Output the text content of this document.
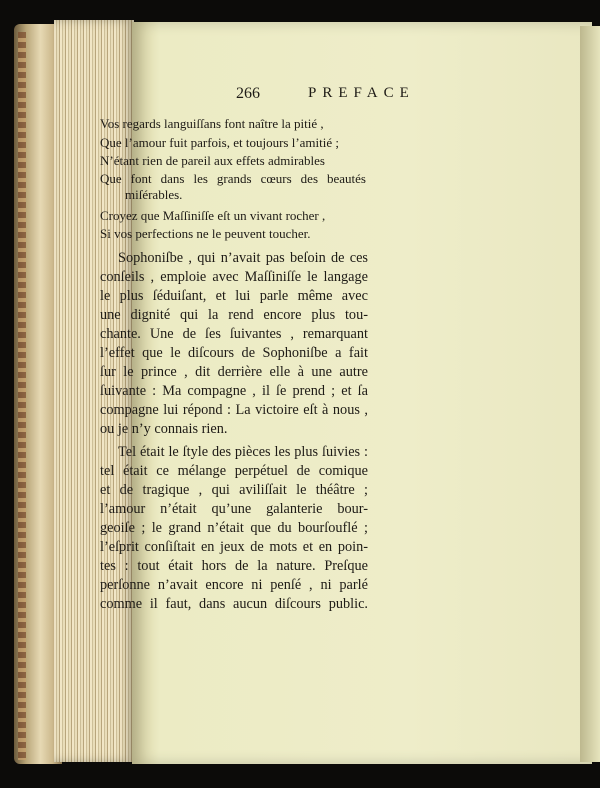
266	PREFACE
Vos regards languiſſans font naître la pitié ,
Que l’amour fuit parfois, et toujours l’amitié ;
N’étant rien de pareil aux effets admirables
Que font dans les grands cœurs des beautés
miſérables.
Croyez que Maſſiniſſe eſt un vivant rocher ,
Si vos perfections ne le peuvent toucher.
Sophoniſbe , qui n’avait pas beſoin de ces
conſeils , emploie avec Maſſiniſſe le langage
le plus ſéduiſant, et lui parle même avec
une dignité qui la rend encore plus tou-
chante. Une de ſes ſuivantes , remarquant
l’effet que le diſcours de Sophoniſbe a fait
ſur le prince , dit derrière elle à une autre
ſuivante : Ma compagne , il ſe prend ; et ſa
compagne lui répond : La victoire eſt à nous ,
ou je n’y connais rien.
Tel était le ſtyle des pièces les plus ſuivies :
tel était ce mélange perpétuel de comique
et de tragique , qui aviliſſait le théâtre ;
l’amour n’était qu’une galanterie bour-
geoiſe ; le grand n’était que du bourſouflé ;
l’eſprit conſiſtait en jeux de mots et en poin-
tes : tout était hors de la nature. Preſque
perſonne n’avait encore ni penſé , ni parlé
comme il faut, dans aucun diſcours public.
